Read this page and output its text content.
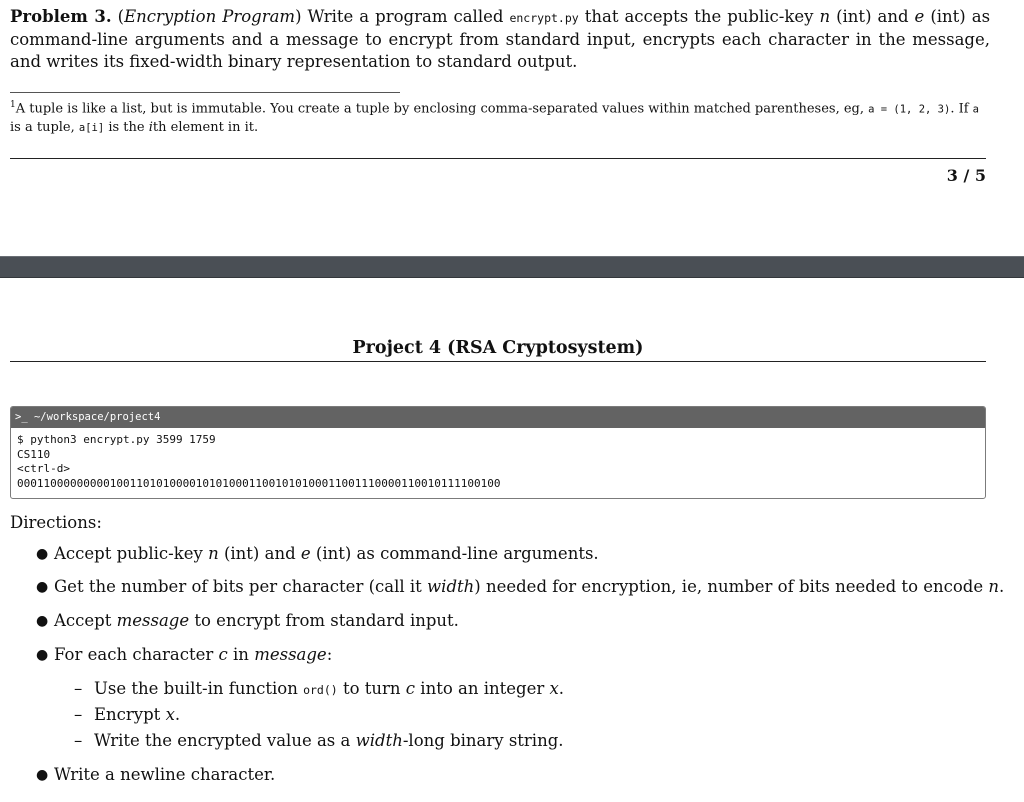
Problem 3. (Encryption Program) Write a program called encrypt.py that accepts the public-key n (int) and e (int) as command-line arguments and a message to encrypt from standard input, encrypts each character in the message, and writes its fixed-width binary representation to standard output.
$^1$A tuple is like a list, but is immutable. You create a tuple by enclosing comma-separated values within matched parentheses, eg, a = (1, 2, 3). If a is a tuple, a[i] is the ith element in it.
3 / 5
Project 4 (RSA Cryptosystem)
>_ ~/workspace/project4
$ python3 encrypt.py 3599 1759
CS110
<ctrl-d>
0001100000000010011010100001010100011001010100011001110000110010111100100
Directions:
● Accept public-key n (int) and e (int) as command-line arguments.
● Get the number of bits per character (call it width) needed for encryption, ie, number of bits needed to encode n.
● Accept message to encrypt from standard input.
● For each character c in message:
– Use the built-in function ord() to turn c into an integer x.
– Encrypt x.
– Write the encrypted value as a width-long binary string.
● Write a newline character.
